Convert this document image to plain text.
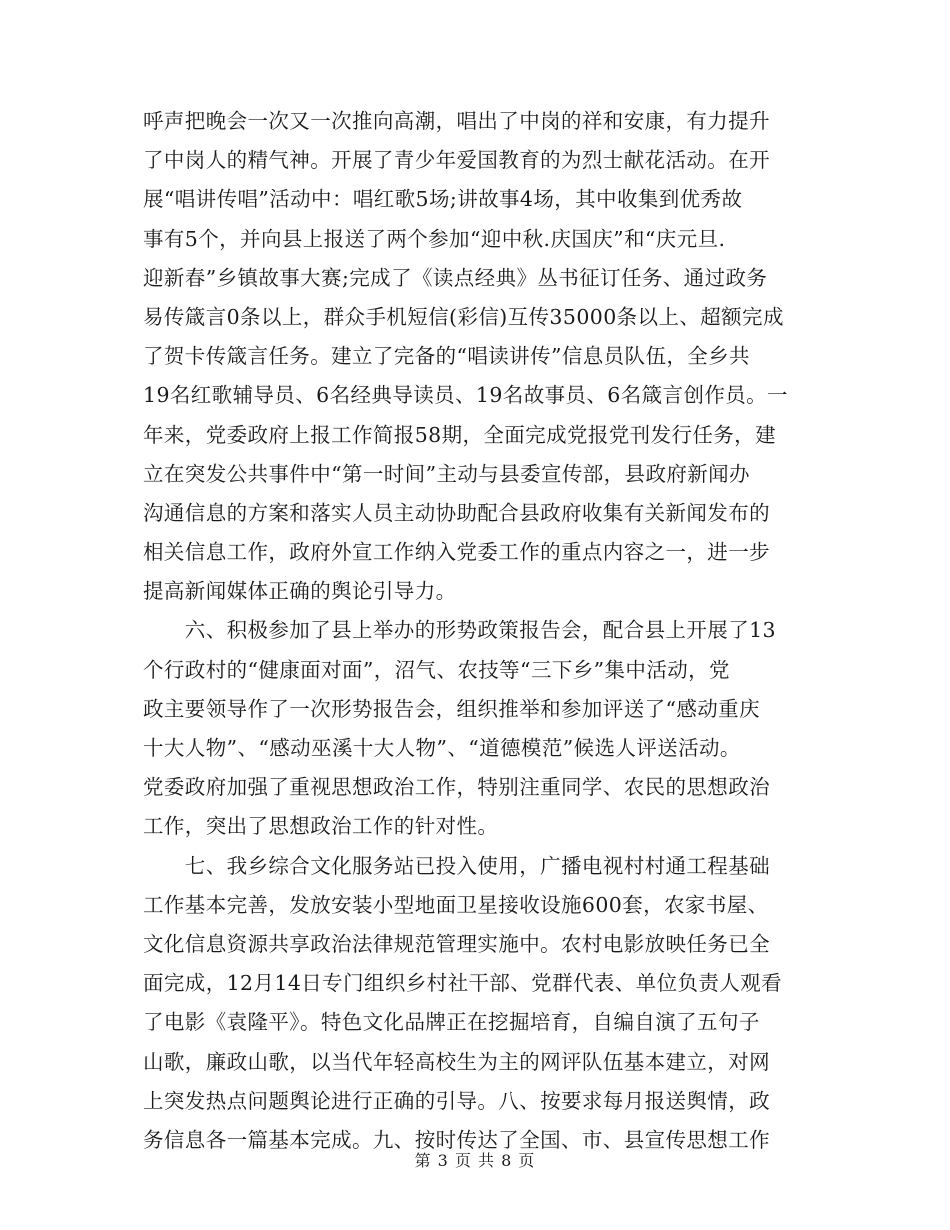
呼声把晚会一次又一次推向高潮，唱出了中岗的祥和安康，有力提升
了中岗人的精气神。开展了青少年爱国教育的为烈士献花活动。在开
展“唱讲传唱”活动中：唱红歌5场;讲故事4场，其中收集到优秀故
事有5个，并向县上报送了两个参加“迎中秋.庆国庆”和“庆元旦.
迎新春”乡镇故事大赛;完成了《读点经典》丛书征订任务、通过政务
易传箴言0条以上，群众手机短信(彩信)互传35000条以上、超额完成
了贺卡传箴言任务。建立了完备的“唱读讲传”信息员队伍，全乡共
19名红歌辅导员、6名经典导读员、19名故事员、6名箴言创作员。一
年来，党委政府上报工作简报58期，全面完成党报党刊发行任务，建
立在突发公共事件中“第一时间”主动与县委宣传部，县政府新闻办
沟通信息的方案和落实人员主动协助配合县政府收集有关新闻发布的
相关信息工作，政府外宣工作纳入党委工作的重点内容之一，进一步
提高新闻媒体正确的舆论引导力。
　　六、积极参加了县上举办的形势政策报告会，配合县上开展了13
个行政村的“健康面对面”，沼气、农技等“三下乡”集中活动，党
政主要领导作了一次形势报告会，组织推举和参加评送了“感动重庆
十大人物”、“感动巫溪十大人物”、“道德模范”候选人评送活动。
党委政府加强了重视思想政治工作，特别注重同学、农民的思想政治
工作，突出了思想政治工作的针对性。
　　七、我乡综合文化服务站已投入使用，广播电视村村通工程基础
工作基本完善，发放安装小型地面卫星接收设施600套，农家书屋、
文化信息资源共享政治法律规范管理实施中。农村电影放映任务已全
面完成，12月14日专门组织乡村社干部、党群代表、单位负责人观看
了电影《袁隆平》。特色文化品牌正在挖掘培育，自编自演了五句子
山歌，廉政山歌，以当代年轻高校生为主的网评队伍基本建立，对网
上突发热点问题舆论进行正确的引导。八、按要求每月报送舆情，政
务信息各一篇基本完成。九、按时传达了全国、市、县宣传思想工作
第 3 页 共 8 页
